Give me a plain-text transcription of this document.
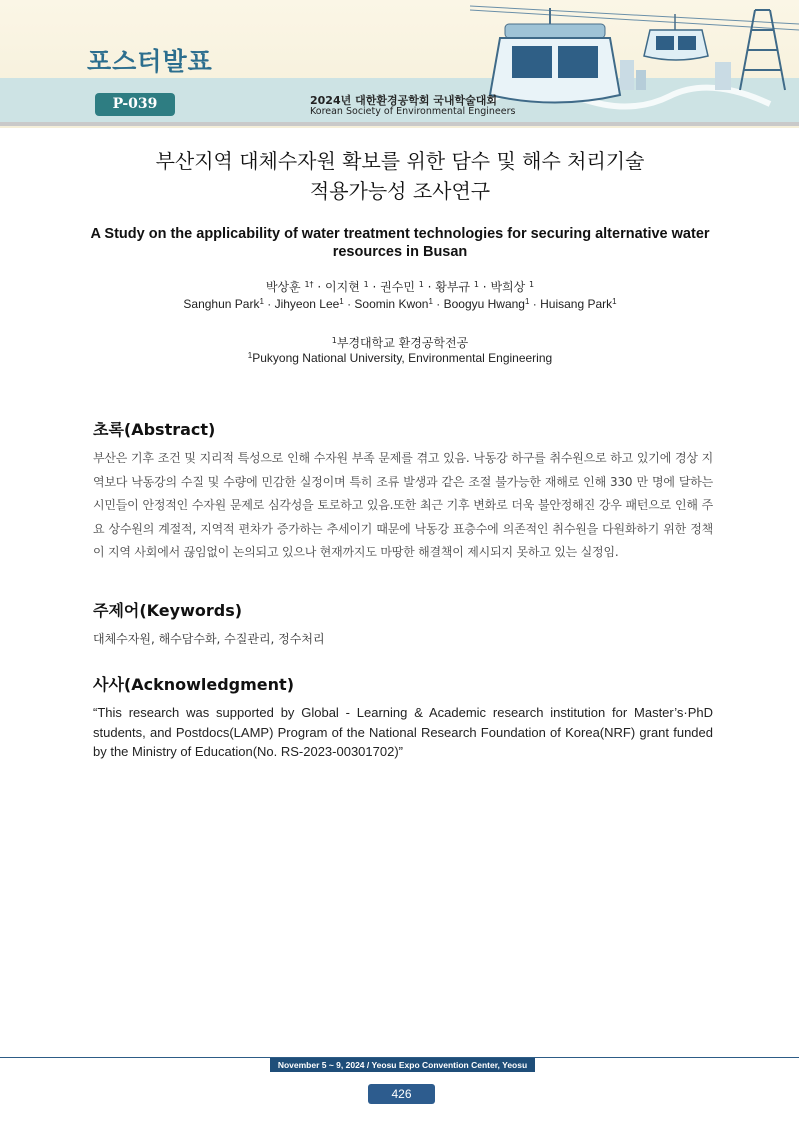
포스터발표
P-039	2024년 대한환경공학회 국내학술대회
Korean Society of Environmental Engineers
부산지역 대체수자원 확보를 위한 담수 및 해수 처리기술
적용가능성 조사연구
A Study on the applicability of water treatment technologies for securing alternative water resources in Busan
박상훈 $^{1\dagger}$ · 이지현 $^1$ · 권수민 $^1$ · 황부규 $^1$ · 박희상 $^1$
Sanghun Park$^1$ · Jihyeon Lee$^1$ · Soomin Kwon$^1$ · Boogyu Hwang$^1$ · Huisang Park$^1$
$^1$부경대학교 환경공학전공
$^1$Pukyong National University, Environmental Engineering
초록(Abstract)
부산은 기후 조건 및 지리적 특성으로 인해 수자원 부족 문제를 겪고 있음. 낙동강 하구를 취수원으로 하고 있기에 경상 지역보다 낙동강의 수질 및 수량에 민감한 실정이며 특히 조류 발생과 같은 조절 불가능한 재해로 인해 330 만 명에 달하는 시민들이 안정적인 수자원 문제로 심각성을 토로하고 있음.또한 최근 기후 변화로 더욱 불안정해진 강우 패턴으로 인해 주요 상수원의 계절적, 지역적 편차가 증가하는 추세이기 때문에 낙동강 표층수에 의존적인 취수원을 다원화하기 위한 정책이 지역 사회에서 끊임없이 논의되고 있으나 현재까지도 마땅한 해결책이 제시되지 못하고 있는 실정임.
주제어(Keywords)
대체수자원, 해수담수화, 수질관리, 정수처리
사사(Acknowledgment)
“This research was supported by Global - Learning & Academic research institution for Master’s·PhD students, and Postdocs(LAMP) Program of the National Research Foundation of Korea(NRF) grant funded by the Ministry of Education(No. RS-2023-00301702)”
November 5 ~ 9, 2024 / Yeosu Expo Convention Center, Yeosu
426
